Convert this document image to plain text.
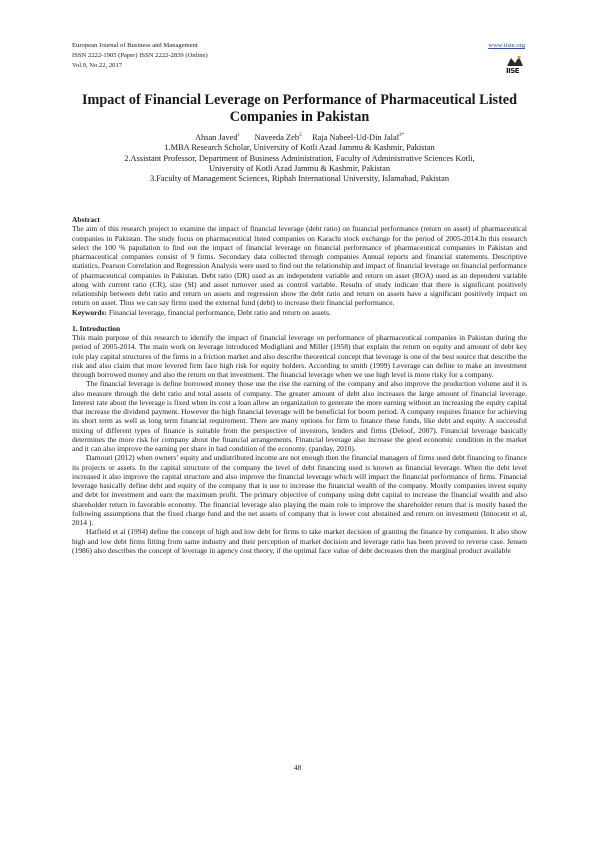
European Journal of Business and Management
ISSN 2222-1905 (Paper) ISSN 2222-2839 (Online)
Vol.9, No.22, 2017
www.iiste.org
IISE
Impact of Financial Leverage on Performance of Pharmaceutical Listed Companies in Pakistan
Ahsan Javed$^1$ Naveeda Zeb$^2$ Raja Nabeel-Ud-Din Jalal$^{3*}$
1.MBA Research Scholar, University of Kotli Azad Jammu & Kashmir, Pakistan
2.Assistant Professor, Department of Business Administration, Faculty of Administrative Sciences Kotli,
University of Kotli Azad Jammu & Kashmir, Pakistan
3.Faculty of Management Sciences, Riphah International University, Islamabad, Pakistan

Abstract

The aim of this research project to examine the impact of financial leverage (debt ratio) on financial performance (return on asset) of pharmaceutical companies in Pakistan. The study focus on pharmaceutical listed companies on Karachi stock exchange for the period of 2005-2014.In this research select the 100 % papulation to find out the impact of financial leverage on financial performance of pharmaceutical companies in Pakistan and pharmaceutical companies consist of 9 firms. Secondary data collected through companies Annual reports and financial statements. Descriptive statistics, Pearson Correlation and Regression Analysis were used to find out the relationship and impact of financial leverage on financial performance of pharmaceutical companies in Pakistan. Debt ratio (DR) used as an independent variable and return on asset (ROA) used as an dependent variable along with current ratio (CR), size (SI) and asset turnover used as control variable. Results of study indicate that there is significant positively relationship between debt ratio and return on assets and regression show the debt ratio and return on assets have a significant positively impact on return on asset. Thus we can say firms used the external fund (debt) to increase their financial performance.

Keywords: Financial leverage, financial performance, Debt ratio and return on assets.

1. Introduction

This main purpose of this research to identify the impact of financial leverage on performance of pharmaceutical companies in Pakistan during the period of 2005-2014. The main work on leverage introduced Modigliani and Miller (1958) that explain the return on equity and amount of debt key role play capital structures of the firms in a friction market and also describe theoretical concept that leverage is one of the best source that describe the risk and also claim that more levered firm face high risk for equity holders. According to smith (1999) Leverage can define to make an investment through borrowed money and also the return on that investment. The financial leverage when we use high level is more risky for a company.

The financial leverage is define borrowed money those use the rise the earning of the company and also improve the production volume and it is also measure through the debt ratio and total assets of company. The greater amount of debt also increases the large amount of financial leverage. Interest rate about the leverage is fixed when its cost a loan allow an organization to generate the more earning without an increasing the equity capital that increase the dividend payment. However the high financial leverage will be beneficial for boom period. A company requires finance for achieving its short term as well as long term financial requirement. There are many options for firm to finance these funds, like debt and equity. A successful mixing of different types of finance is suitable from the perspective of investors, lenders and firms (Deloof, 2007). Financial leverage basically determines the more risk for company about the financial arrangements. Financial leverage also increase the good economic condition in the market and it can also improve the earning per share in bad condition of the economy. (panday, 2010).

Damouri (2012) when owners’ equity and undistributed income are not enough then the financial managers of firms used debt financing to finance its projects or assets. In the capital structure of the company the level of debt financing used is known as financial leverage. When the debt level increased it also improve the capital structure and also improve the financial leverage which will impact the financial performance of firms. Financial leverage basically define debt and equity of the company that is use to increase the financial wealth of the company. Mostly companies invest equity and debt for investment and earn the maximum profit. The primary objective of company using debt capital to increase the financial wealth and also shareholder return in favorable economy. The financial leverage also playing the main role to improve the shareholder return that is mostly based the following assumptions that the fixed charge fund and the net assets of company that is lower cost abstained and return on investment (Innocent et al, 2014 ).

Hatfield et al (1994) define the concept of high and low debt for firms to take market decision of granting the finance by companies. It also show high and low debt firms fitting from same industry and their perception of market decision and leverage ratio has been proved to reverse case. Jensen (1986) also describes the concept of leverage in agency cost theory, if the optimal face value of debt decreases then the marginal product available

48
